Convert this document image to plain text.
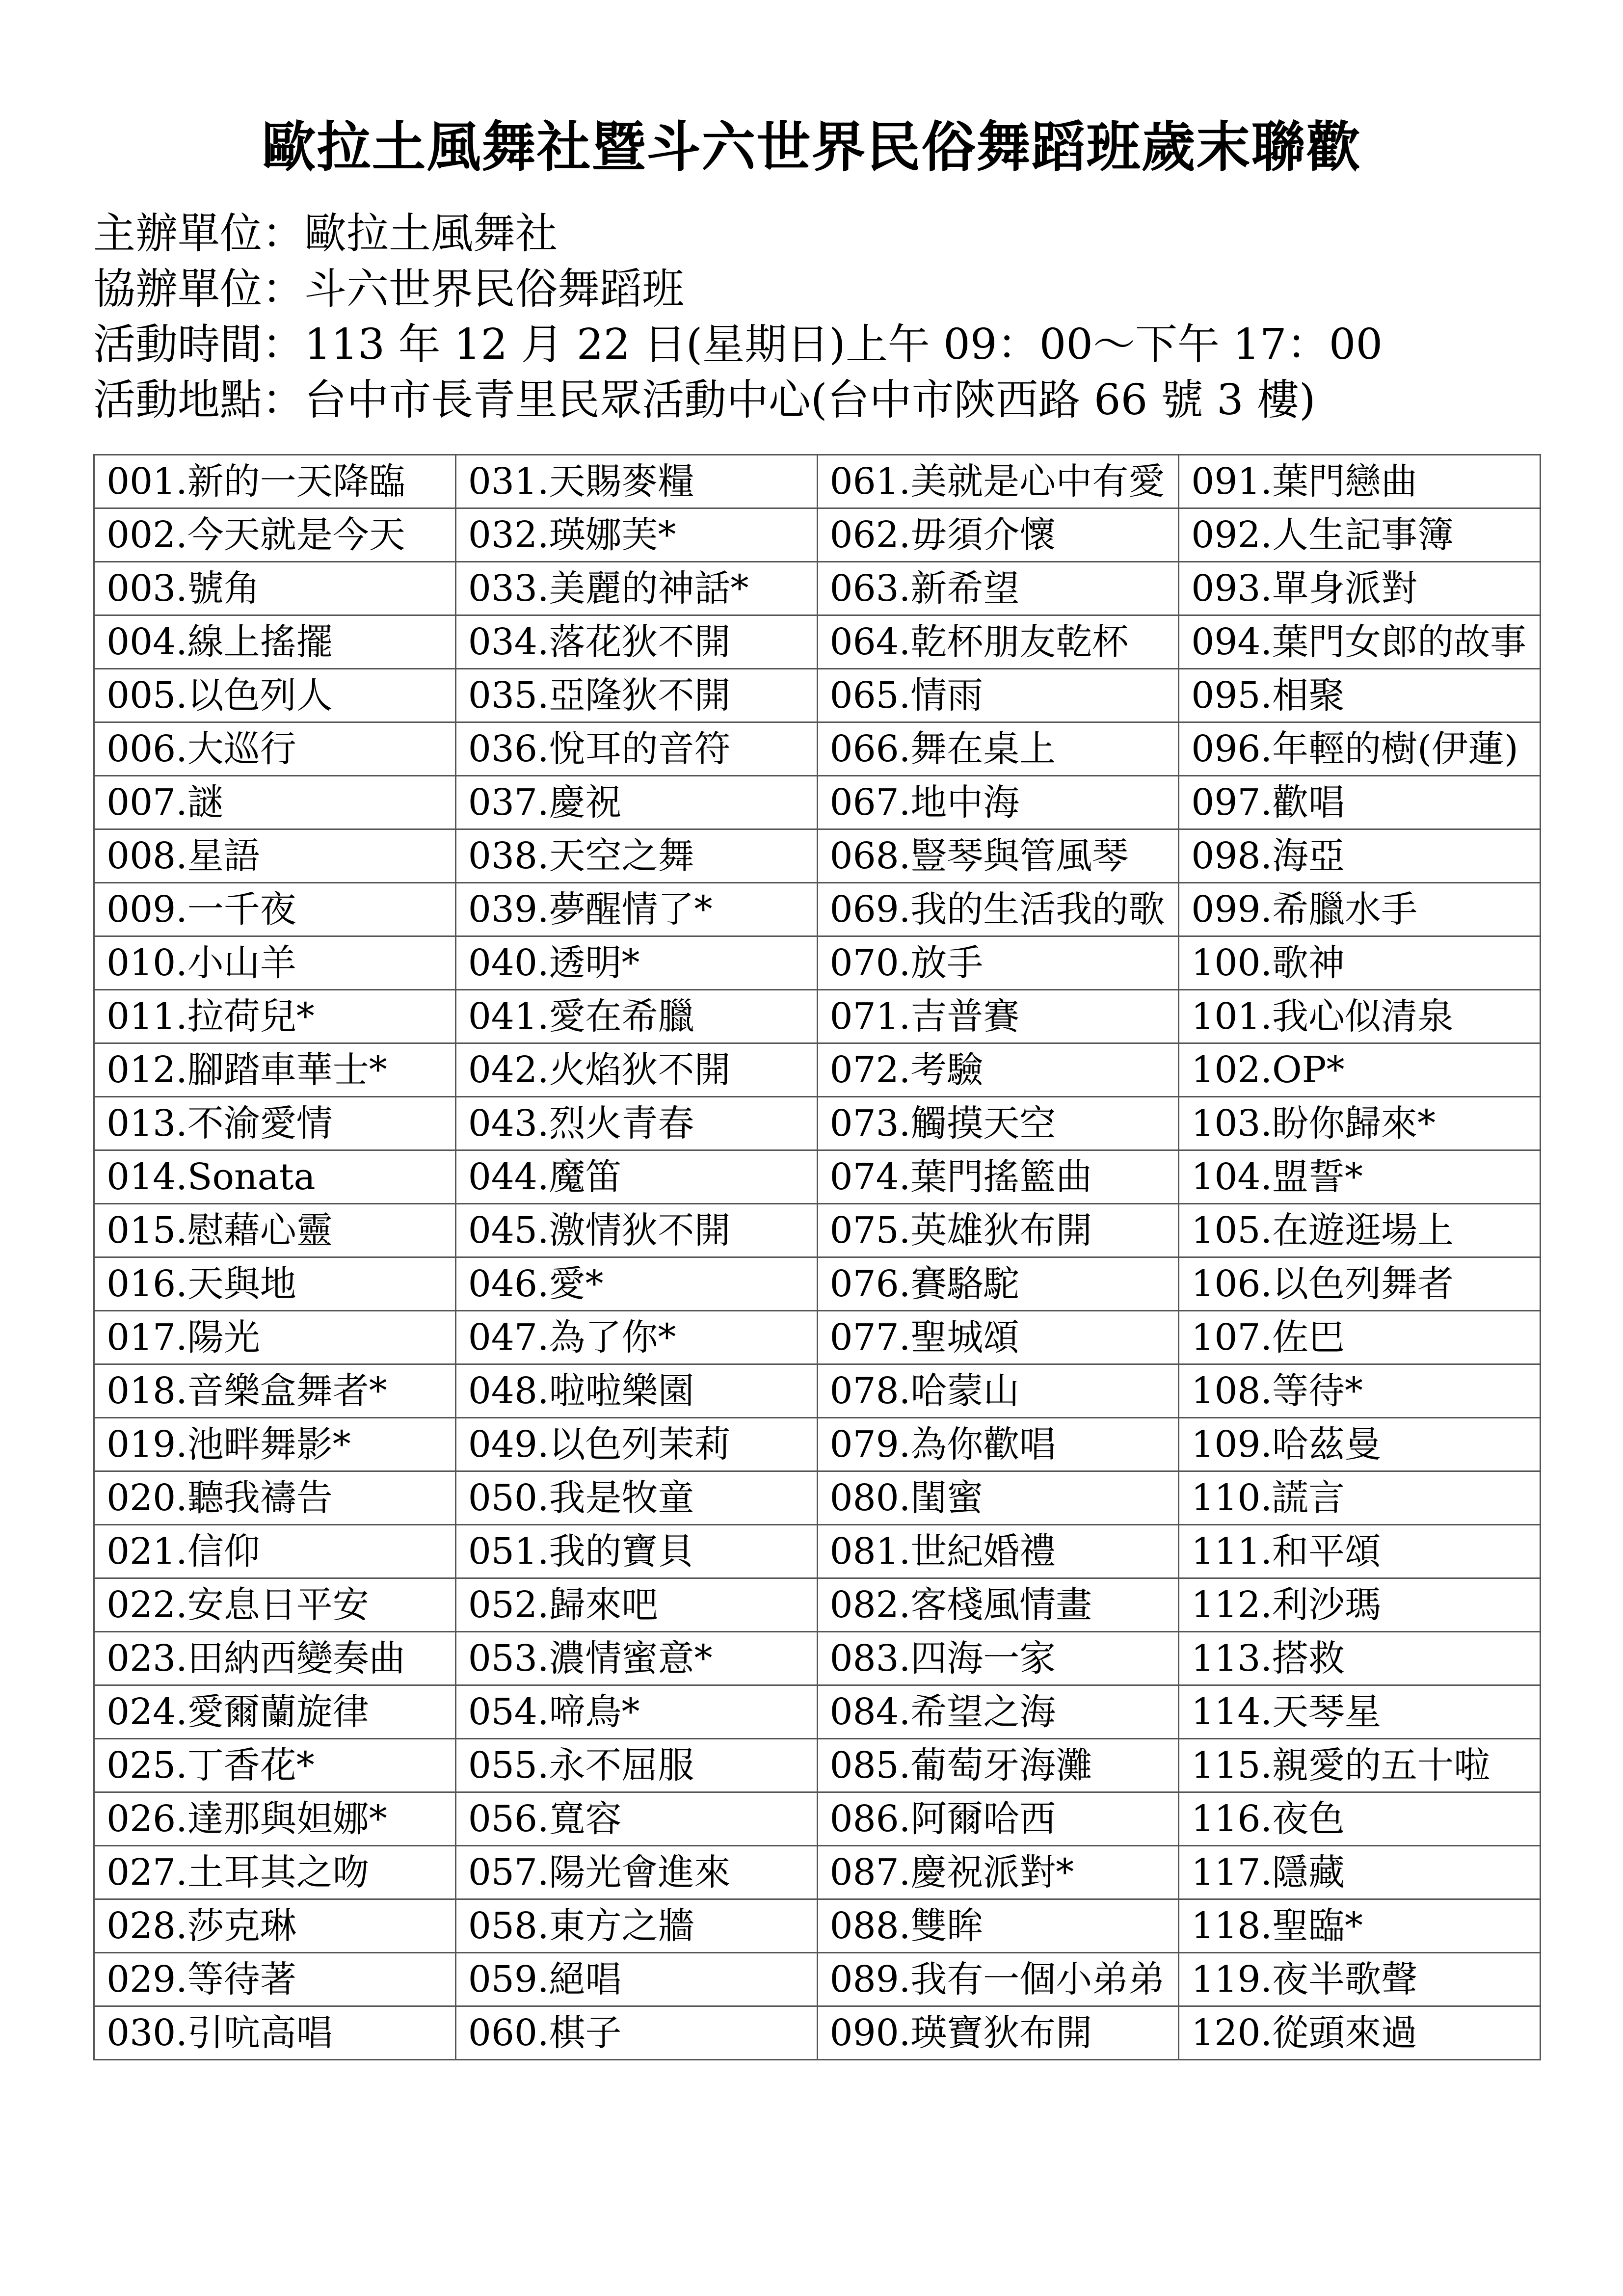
歐拉土風舞社暨斗六世界民俗舞蹈班歲末聯歡
主辦單位：歐拉土風舞社
協辦單位：斗六世界民俗舞蹈班
活動時間：113 年 12 月 22 日(星期日)上午 09：00～下午 17：00
活動地點：台中市長青里民眾活動中心(台中市陝西路 66 號 3 樓)
001.新的一天降臨	031.天賜麥糧	061.美就是心中有愛	091.葉門戀曲
002.今天就是今天	032.瑛娜芙*	062.毋須介懷	092.人生記事簿
003.號角	033.美麗的神話*	063.新希望	093.單身派對
004.線上搖擺	034.落花狄不開	064.乾杯朋友乾杯	094.葉門女郎的故事
005.以色列人	035.亞隆狄不開	065.情雨	095.相聚
006.大巡行	036.悅耳的音符	066.舞在桌上	096.年輕的樹(伊蓮)
007.謎	037.慶祝	067.地中海	097.歡唱
008.星語	038.天空之舞	068.豎琴與管風琴	098.海亞
009.一千夜	039.夢醒情了*	069.我的生活我的歌	099.希臘水手
010.小山羊	040.透明*	070.放手	100.歌神
011.拉荷兒*	041.愛在希臘	071.吉普賽	101.我心似清泉
012.腳踏車華士*	042.火焰狄不開	072.考驗	102.OP*
013.不渝愛情	043.烈火青春	073.觸摸天空	103.盼你歸來*
014.Sonata	044.魔笛	074.葉門搖籃曲	104.盟誓*
015.慰藉心靈	045.激情狄不開	075.英雄狄布開	105.在遊逛場上
016.天與地	046.愛*	076.賽駱駝	106.以色列舞者
017.陽光	047.為了你*	077.聖城頌	107.佐巴
018.音樂盒舞者*	048.啦啦樂園	078.哈蒙山	108.等待*
019.池畔舞影*	049.以色列茉莉	079.為你歡唱	109.哈茲曼
020.聽我禱告	050.我是牧童	080.閨蜜	110.謊言
021.信仰	051.我的寶貝	081.世紀婚禮	111.和平頌
022.安息日平安	052.歸來吧	082.客棧風情畫	112.利沙瑪
023.田納西變奏曲	053.濃情蜜意*	083.四海一家	113.搭救
024.愛爾蘭旋律	054.啼鳥*	084.希望之海	114.天琴星
025.丁香花*	055.永不屈服	085.葡萄牙海灘	115.親愛的五十啦
026.達那與妲娜*	056.寬容	086.阿爾哈西	116.夜色
027.土耳其之吻	057.陽光會進來	087.慶祝派對*	117.隱藏
028.莎克琳	058.東方之牆	088.雙眸	118.聖臨*
029.等待著	059.絕唱	089.我有一個小弟弟	119.夜半歌聲
030.引吭高唱	060.棋子	090.瑛寶狄布開	120.從頭來過
